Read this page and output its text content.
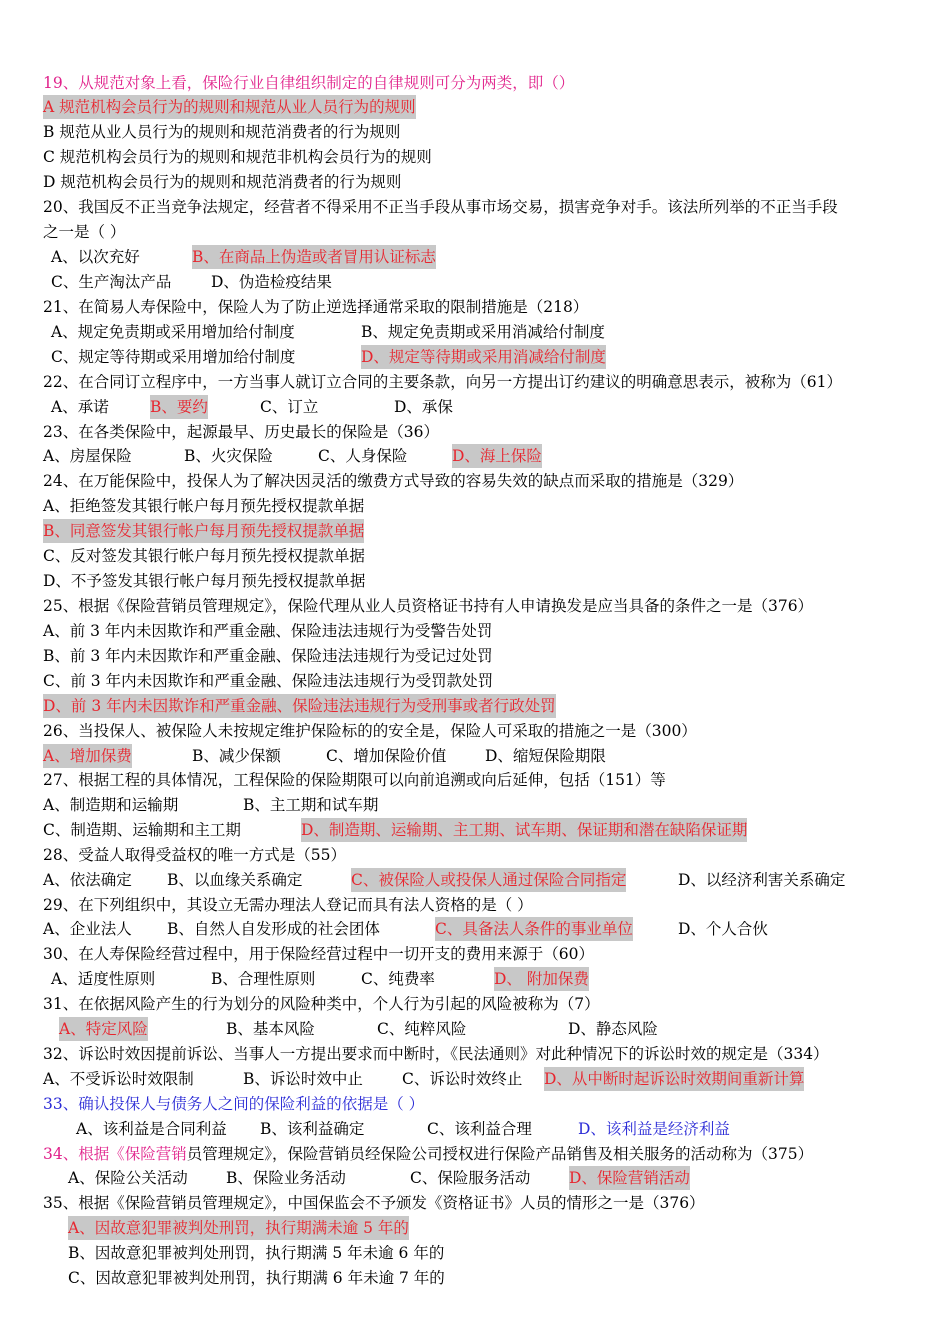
19、从规范对象上看，保险行业自律组织制定的自律规则可分为两类，即（）
A 规范机构会员行为的规则和规范从业人员行为的规则
B 规范从业人员行为的规则和规范消费者的行为规则
C 规范机构会员行为的规则和规范非机构会员行为的规则
D 规范机构会员行为的规则和规范消费者的行为规则
20、我国反不正当竞争法规定，经营者不得采用不正当手段从事市场交易，损害竞争对手。该法所列举的不正当手段
之一是（ ）
A、以次充好	B、在商品上伪造或者冒用认证标志
C、生产淘汰产品	D、伪造检疫结果
21、在简易人寿保险中，保险人为了防止逆选择通常采取的限制措施是（218）
A、规定免责期或采用增加给付制度	B、规定免责期或采用消减给付制度
C、规定等待期或采用增加给付制度	D、规定等待期或采用消减给付制度
22、在合同订立程序中，一方当事人就订立合同的主要条款，向另一方提出订约建议的明确意思表示，被称为（61）
A、承诺	B、要约	C、订立	D、承保
23、在各类保险中，起源最早、历史最长的保险是（36）
A、房屋保险	B、火灾保险	C、人身保险	D、海上保险
24、在万能保险中，投保人为了解决因灵活的缴费方式导致的容易失效的缺点而采取的措施是（329）
A、拒绝签发其银行帐户每月预先授权提款单据
B、同意签发其银行帐户每月预先授权提款单据
C、反对签发其银行帐户每月预先授权提款单据
D、不予签发其银行帐户每月预先授权提款单据
25、根据《保险营销员管理规定》，保险代理从业人员资格证书持有人申请换发是应当具备的条件之一是（376）
A、前 3 年内未因欺诈和严重金融、保险违法违规行为受警告处罚
B、前 3 年内未因欺诈和严重金融、保险违法违规行为受记过处罚
C、前 3 年内未因欺诈和严重金融、保险违法违规行为受罚款处罚
D、前 3 年内未因欺诈和严重金融、保险违法违规行为受刑事或者行政处罚
26、当投保人、被保险人未按规定维护保险标的的安全是，保险人可采取的措施之一是（300）
A、增加保费	B、减少保额	C、增加保险价值 D、缩短保险期限
27、根据工程的具体情况，工程保险的保险期限可以向前追溯或向后延伸，包括（151）等
A、制造期和运输期	B、主工期和试车期
C、制造期、运输期和主工期	D、制造期、运输期、主工期、试车期、保证期和潜在缺陷保证期
28、受益人取得受益权的唯一方式是（55）
A、依法确定 B、以血缘关系确定	C、被保险人或投保人通过保险合同指定	D、以经济利害关系确定
29、在下列组织中，其设立无需办理法人登记而具有法人资格的是（ ）
A、企业法人 B、自然人自发形成的社会团体	C、具备法人条件的事业单位	D、个人合伙
30、在人寿保险经营过程中，用于保险经营过程中一切开支的费用来源于（60）
A、适度性原则	B、合理性原则	C、纯费率	D、 附加保费
31、在依据风险产生的行为划分的风险种类中，个人行为引起的风险被称为（7）
A、特定风险	B、基本风险	C、纯粹风险	D、静态风险
32、诉讼时效因提前诉讼、当事人一方提出要求而中断时，《民法通则》对此种情况下的诉讼时效的规定是（334）
A、不受诉讼时效限制	B、诉讼时效中止	C、诉讼时效终止 D、从中断时起诉讼时效期间重新计算
33、确认投保人与债务人之间的保险利益的依据是（ ）
A、该利益是合同利益 B、该利益确定	C、该利益合理	D、该利益是经济利益
34、根据《保险营销员管理规定》，保险营销员经保险公司授权进行保险产品销售及相关服务的活动称为（375）
A、保险公关活动 B、保险业务活动	C、保险服务活动 D、保险营销活动
35、根据《保险营销员管理规定》，中国保监会不予颁发《资格证书》人员的情形之一是（376）
A、因故意犯罪被判处刑罚，执行期满未逾 5 年的
B、因故意犯罪被判处刑罚，执行期满 5 年未逾 6 年的
C、因故意犯罪被判处刑罚，执行期满 6 年未逾 7 年的
